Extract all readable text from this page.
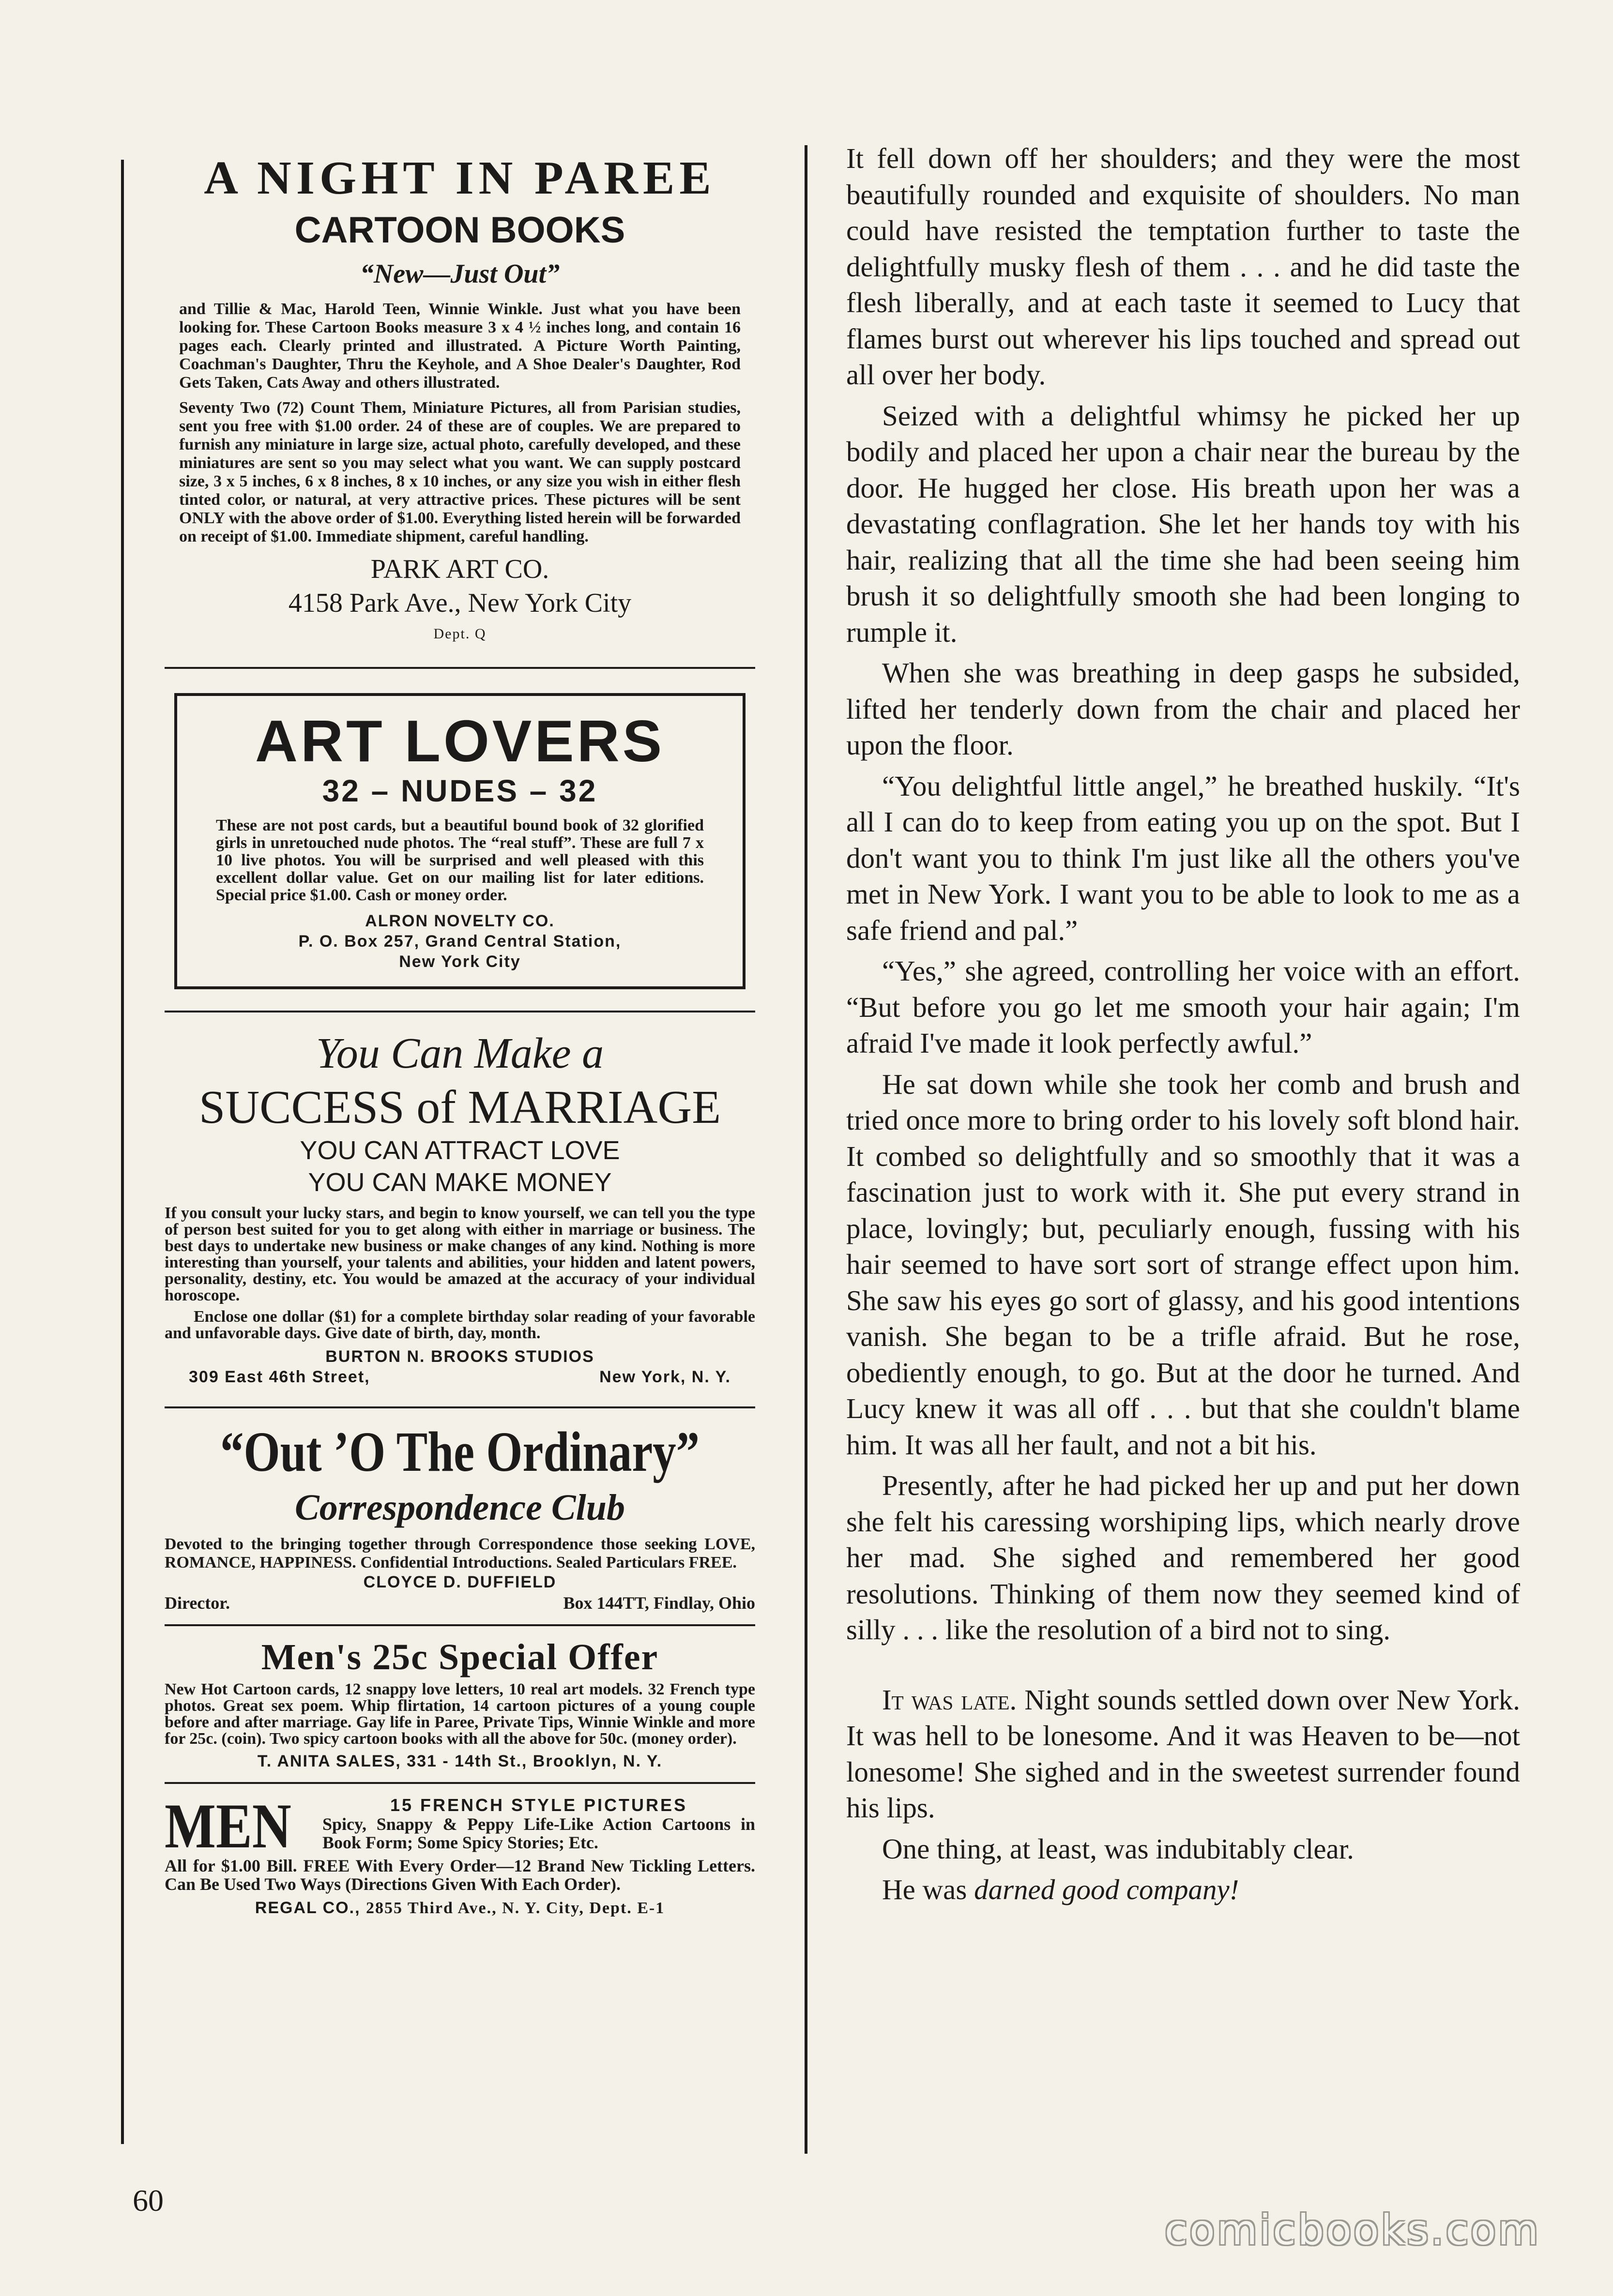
A NIGHT IN PAREE
CARTOON BOOKS
“New—Just Out”

and Tillie & Mac, Harold Teen, Winnie Winkle. Just what you have been looking for. These Cartoon Books measure 3 x 4 ½ inches long, and contain 16 pages each. Clearly printed and illustrated. A Picture Worth Painting, Coachman's Daughter, Thru the Keyhole, and A Shoe Dealer's Daughter, Rod Gets Taken, Cats Away and others illustrated.

Seventy Two (72) Count Them, Miniature Pictures, all from Parisian studies, sent you free with $1.00 order. 24 of these are of couples. We are prepared to furnish any miniature in large size, actual photo, carefully developed, and these miniatures are sent so you may select what you want. We can supply postcard size, 3 x 5 inches, 6 x 8 inches, 8 x 10 inches, or any size you wish in either flesh tinted color, or natural, at very attractive prices. These pictures will be sent ONLY with the above order of $1.00. Everything listed herein will be forwarded on receipt of $1.00. Immediate shipment, careful handling.

PARK ART CO.
4158 Park Ave., New York City
Dept. Q
ART LOVERS
32 – NUDES – 32
These are not post cards, but a beautiful bound book of 32 glorified girls in unretouched nude photos. The “real stuff”. These are full 7 x 10 live photos. You will be surprised and well pleased with this excellent dollar value. Get on our mailing list for later editions. Special price $1.00. Cash or money order.
ALRON NOVELTY CO.
P. O. Box 257, Grand Central Station,
New York City
You Can Make a
SUCCESS of MARRIAGE
YOU CAN ATTRACT LOVE
YOU CAN MAKE MONEY

If you consult your lucky stars, and begin to know yourself, we can tell you the type of person best suited for you to get along with either in marriage or business. The best days to undertake new business or make changes of any kind. Nothing is more interesting than yourself, your talents and abilities, your hidden and latent powers, personality, destiny, etc. You would be amazed at the accuracy of your individual horoscope.

Enclose one dollar ($1) for a complete birthday solar reading of your favorable and unfavorable days. Give date of birth, day, month.

BURTON N. BROOKS STUDIOS
309 East 46th Street,	New York, N. Y.
“Out ’O The Ordinary”
Correspondence Club
Devoted to the bringing together through Correspondence those seeking LOVE, ROMANCE, HAPPINESS. Confidential Introductions. Sealed Particulars FREE.
CLOYCE D. DUFFIELD
Director.	Box 144TT, Findlay, Ohio
Men's 25c Special Offer
New Hot Cartoon cards, 12 snappy love letters, 10 real art models. 32 French type photos. Great sex poem. Whip flirtation, 14 cartoon pictures of a young couple before and after marriage. Gay life in Paree, Private Tips, Winnie Winkle and more for 25c. (coin). Two spicy cartoon books with all the above for 50c. (money order).
T. ANITA SALES, 331 - 14th St., Brooklyn, N. Y.
MEN	15 FRENCH STYLE PICTURES
Spicy, Snappy & Peppy Life-Like Action Cartoons in Book Form; Some Spicy Stories; Etc.
All for $1.00 Bill. FREE With Every Order—12 Brand New Tickling Letters. Can Be Used Two Ways (Directions Given With Each Order).
REGAL CO., 2855 Third Ave., N. Y. City, Dept. E-1

It fell down off her shoulders; and they were the most beautifully rounded and exquisite of shoulders. No man could have resisted the temptation further to taste the delightfully musky flesh of them . . . and he did taste the flesh liberally, and at each taste it seemed to Lucy that flames burst out wherever his lips touched and spread out all over her body.

Seized with a delightful whimsy he picked her up bodily and placed her upon a chair near the bureau by the door. He hugged her close. His breath upon her was a devastating conflagration. She let her hands toy with his hair, realizing that all the time she had been seeing him brush it so delightfully smooth she had been longing to rumple it.

When she was breathing in deep gasps he subsided, lifted her tenderly down from the chair and placed her upon the floor.

“You delightful little angel,” he breathed huskily. “It's all I can do to keep from eating you up on the spot. But I don't want you to think I'm just like all the others you've met in New York. I want you to be able to look to me as a safe friend and pal.”

“Yes,” she agreed, controlling her voice with an effort. “But before you go let me smooth your hair again; I'm afraid I've made it look perfectly awful.”

He sat down while she took her comb and brush and tried once more to bring order to his lovely soft blond hair. It combed so delightfully and so smoothly that it was a fascination just to work with it. She put every strand in place, lovingly; but, peculiarly enough, fussing with his hair seemed to have sort sort of strange effect upon him. She saw his eyes go sort of glassy, and his good intentions vanish. She began to be a trifle afraid. But he rose, obediently enough, to go. But at the door he turned. And Lucy knew it was all off . . . but that she couldn't blame him. It was all her fault, and not a bit his.

Presently, after he had picked her up and put her down she felt his caressing worshiping lips, which nearly drove her mad. She sighed and remembered her good resolutions. Thinking of them now they seemed kind of silly . . . like the resolution of a bird not to sing.

It was late. Night sounds settled down over New York. It was hell to be lonesome. And it was Heaven to be—not lonesome! She sighed and in the sweetest surrender found his lips.

One thing, at least, was indubitably clear.

He was darned good company!

60
comicbooks.com
